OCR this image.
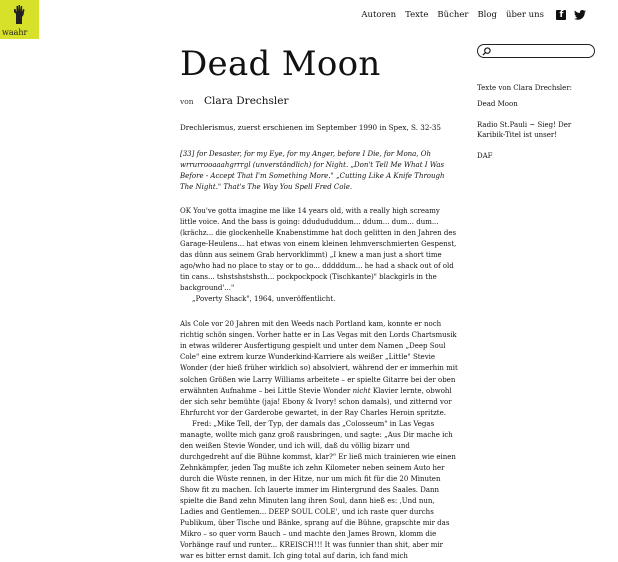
waahr
Autoren Texte Bücher Blog über uns f
Dead Moon
von Clara Drechsler
Drechlerismus, zuerst erschienen im September 1990 in Spex, S. 32-35
[33] for Desaster, for my Eye, for my Anger, before I Die, for Mona, Oh wrrurrooaaahgrrrgl (unverständlich) for Night. „Don't Tell Me What I Was Before - Accept That I'm Something More." „Cutting Like A Knife Through The Night." That's The Way You Spell Fred Cole.

OK You've gotta imagine me like 14 years old, with a really high screamy little voice. And the bass is going: ddudududdum... ddum... dum... dum... (krächz... die glockenhelle Knabenstimme hat doch gelitten in den Jahren des Garage-Heulens... hat etwas von einem kleinen lehmverschmierten Gespenst, das dünn aus seinem Grab hervorklimmt) „I knew a man just a short time ago/who had no place to stay or to go... dddddum... he had a shack out of old tin cans... tshstshstshsth... pockpockpock (Tischkante)" blackgirls in the background'..."

„Poverty Shack", 1964, unveröffentlicht.

Als Cole vor 20 Jahren mit den Weeds nach Portland kam, konnte er noch richtig schön singen. Vorher hatte er in Las Vegas mit den Lords Chartsmusik in etwas wilderer Ausfertigung gespielt und unter dem Namen „Deep Soul Cole" eine extrem kurze Wunderkind-Karriere als weißer „Little" Stevie Wonder (der hieß früher wirklich so) absolviert, während der er immerhin mit solchen Größen wie Larry Williams arbeitete – er spielte Gitarre bei der oben erwähnten Aufnahme – bei Little Stevie Wonder nicht Klavier lernte, obwohl der sich sehr bemühte (jaja! Ebony & Ivory! schon damals), und zitternd vor Ehrfurcht vor der Garderobe gewartet, in der Ray Charles Heroin spritzte.

Fred: „Mike Tell, der Typ, der damals das „Colosseum" in Las Vegas managte, wollte mich ganz groß rausbringen, und sagte: „Aus Dir mache ich den weißen Stevie Wonder, und ich will, daß du völlig bizarr und durchgedreht auf die Bühne kommst, klar?" Er ließ mich trainieren wie einen Zehnkämpfer, jeden Tag mußte ich zehn Kilometer neben seinem Auto her durch die Wüste rennen, in der Hitze, nur um mich fit für die 20 Minuten Show fit zu machen. Ich lauerte immer im Hintergrund des Saales. Dann spielte die Band zehn Minuten lang ihren Soul, dann hieß es: ‚Und nun, Ladies and Gentlemen... DEEP SOUL COLE', und ich raste quer durchs Publikum, über Tische und Bänke, sprang auf die Bühne, grapschte mir das Mikro – so quer vorm Bauch – und machte den James Brown, klomm die Vorhänge rauf und runter... KREISCH!!! It was funnier than shit, aber mir war es bitter ernst damit. Ich ging total auf darin, ich fand mich

Texte von Clara Drechsler:
Dead Moon
Radio St.Pauli ~ Sieg! Der Karibik-Titel ist unser!
DAF
